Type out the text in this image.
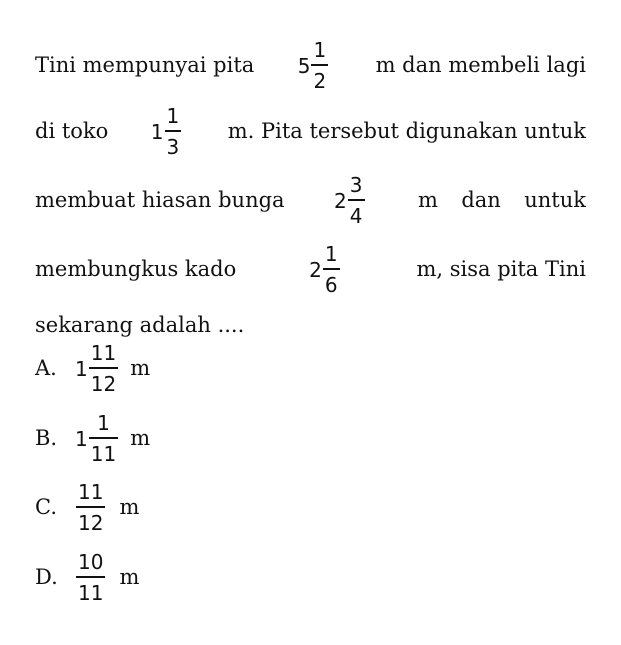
Tini mempunyai pita $5 \frac{1}{2}$ m dan membeli lagi
di toko $1 \frac{1}{3} m$. Pita tersebut digunakan untuk
membuat hiasan bunga $2 \frac{3}{4}$	m dan untuk
membungkus kado	$2 \frac{1}{6}$	m, sisa pita Tini
sekarang adalah ....
A. $1 \frac{11}{12}$ m
B. $1 \frac{1}{11}$ m
C. $\frac{11}{12}$ m
D. $\frac{10}{11}$ m
